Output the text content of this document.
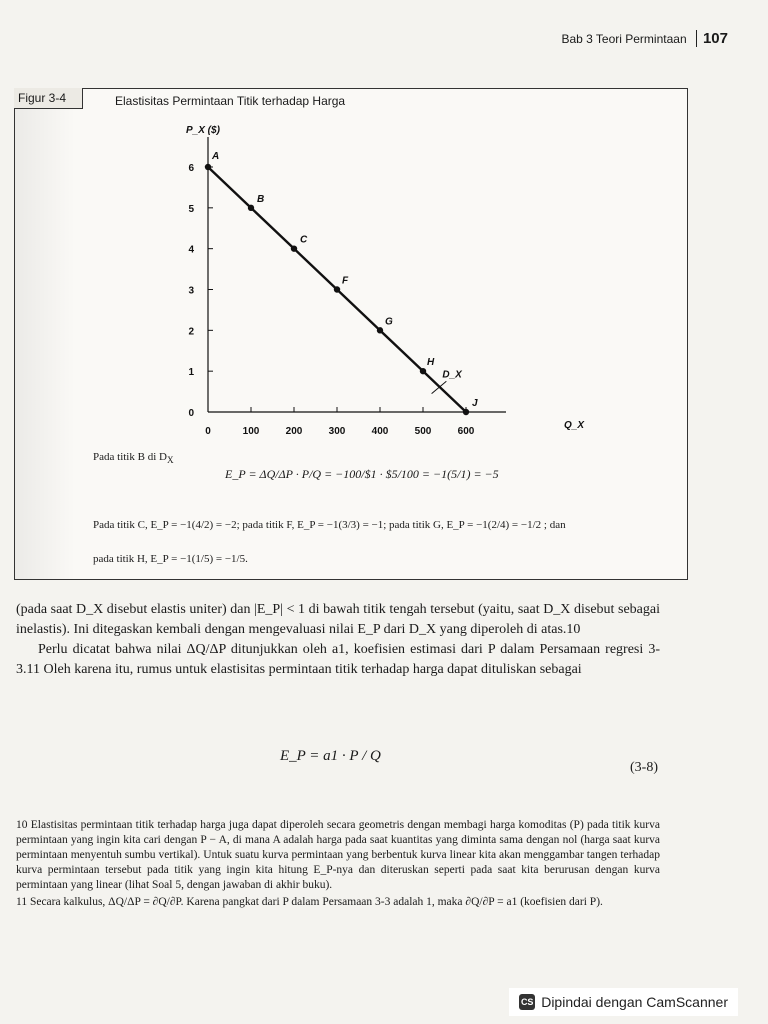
Bab 3 Teori Permintaan 107
Figur 3-4	Elastisitas Permintaan Titik terhadap Harga
0	100	200	300	400	500	600
0
1
2
3
4
5
6
P_X ($)
Q_X
A
B
C
F
G
H
J
D_X
Pada titik B di $D_X$
E_P = ΔQ/ΔP · P/Q = −100/$1 · $5/100 = −1(5/1) = −5
Pada titik C, E_P = −1(4/2) = −2; pada titik F, E_P = −1(3/3) = −1; pada titik G, E_P = −1(2/4) = −1/2 ; dan
pada titik H, E_P = −1(1/5) = −1/5.

(pada saat D_X disebut elastis uniter) dan |E_P| < 1 di bawah titik tengah tersebut (yaitu, saat D_X disebut sebagai inelastis). Ini ditegaskan kembali dengan mengevaluasi nilai E_P dari D_X yang diperoleh di atas.10

Perlu dicatat bahwa nilai ΔQ/ΔP ditunjukkan oleh a1, koefisien estimasi dari P dalam Persamaan regresi 3-3.11 Oleh karena itu, rumus untuk elastisitas permintaan titik terhadap harga dapat dituliskan sebagai

E_P = a1 · P / Q
(3-8)

10 Elastisitas permintaan titik terhadap harga juga dapat diperoleh secara geometris dengan membagi harga komoditas (P) pada titik kurva permintaan yang ingin kita cari dengan P − A, di mana A adalah harga pada saat kuantitas yang diminta sama dengan nol (harga saat kurva permintaan menyentuh sumbu vertikal). Untuk suatu kurva permintaan yang berbentuk kurva linear kita akan menggambar tangen terhadap kurva permintaan tersebut pada titik yang ingin kita hitung E_P-nya dan diteruskan seperti pada saat kita berurusan dengan kurva permintaan yang linear (lihat Soal 5, dengan jawaban di akhir buku).

11 Secara kalkulus, ΔQ/ΔP = ∂Q/∂P. Karena pangkat dari P dalam Persamaan 3-3 adalah 1, maka ∂Q/∂P = a1 (koefisien dari P).

CS Dipindai dengan CamScanner
